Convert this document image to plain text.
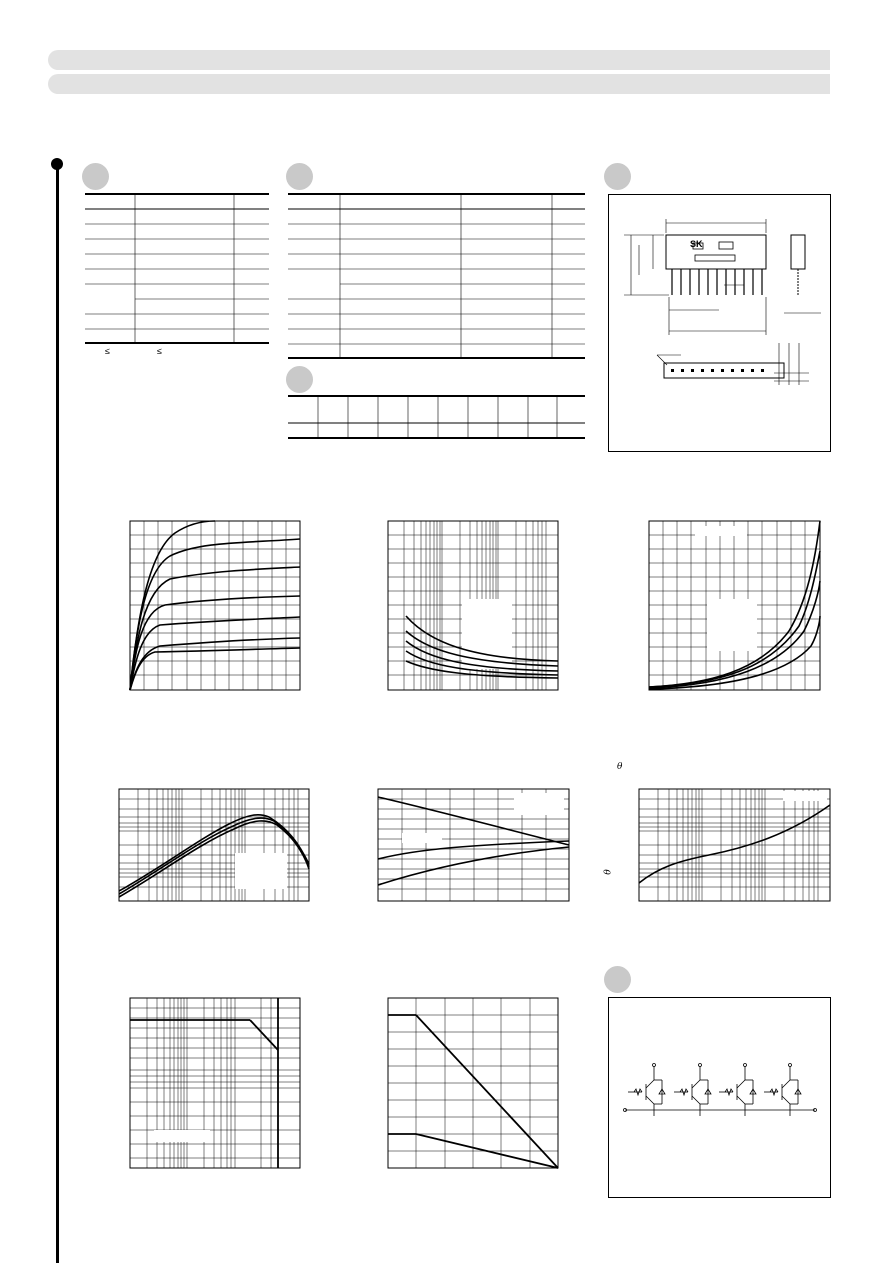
≤	≤
SK
θ
θ
